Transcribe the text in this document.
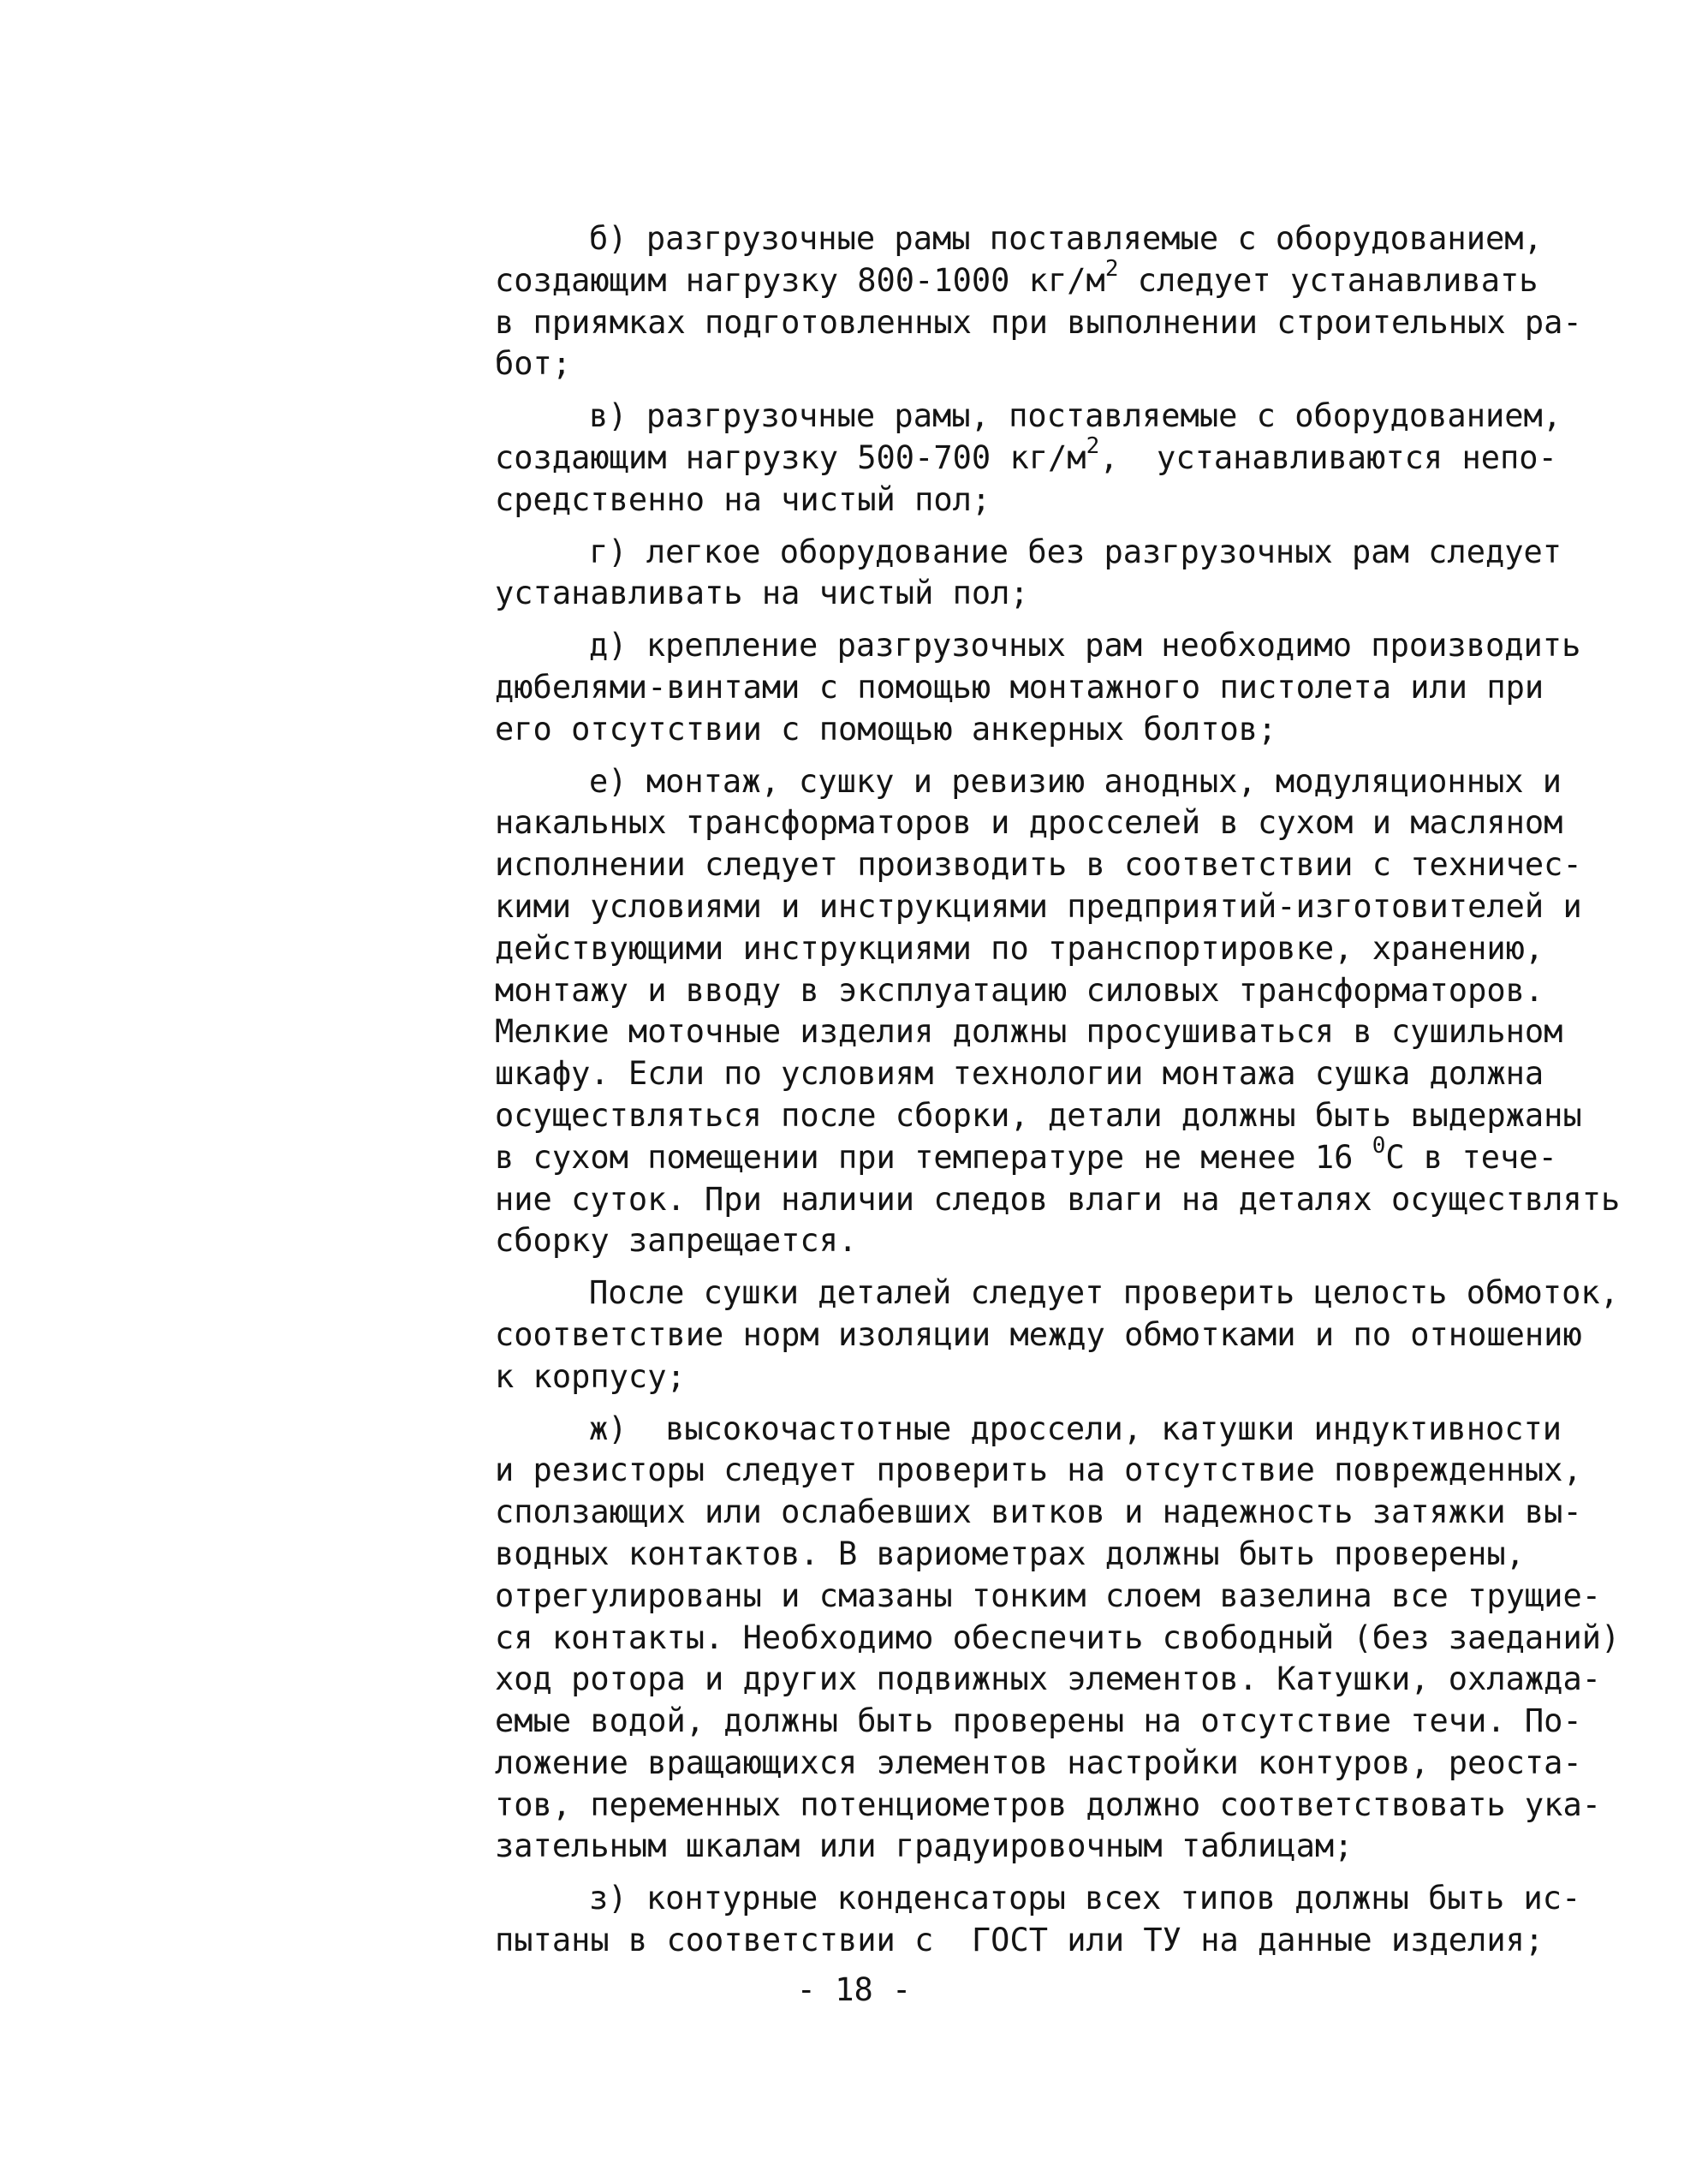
б) разгрузочные рамы поставляемые с оборудованием,
создающим нагрузку 800-1000 $кг/м^2$ следует устанавливать
в приямках подготовленных при выполнении строительных ра-
бот;
в) разгрузочные рамы, поставляемые с оборудованием,
создающим нагрузку 500-700 $кг/м^2$,  устанавливаются непо-
средственно на чистый пол;
г) легкое оборудование без разгрузочных рам следует
устанавливать на чистый пол;
д) крепление разгрузочных рам необходимо производить
дюбелями-винтами с помощью монтажного пистолета или при
его отсутствии с помощью анкерных болтов;
е) монтаж, сушку и ревизию анодных, модуляционных и
накальных трансформаторов и дросселей в сухом и масляном
исполнении следует производить в соответствии с техничес-
кими условиями и инструкциями предприятий-изготовителей и
действующими инструкциями по транспортировке, хранению,
монтажу и вводу в эксплуатацию силовых трансформаторов.
Мелкие моточные изделия должны просушиваться в сушильном
шкафу. Если по условиям технологии монтажа сушка должна
осуществляться после сборки, детали должны быть выдержаны
в сухом помещении при температуре не менее 16 $^0$С в тече-
ние суток. При наличии следов влаги на деталях осуществлять
сборку запрещается.
После сушки деталей следует проверить целость обмоток,
соответствие норм изоляции между обмотками и по отношению
к корпусу;
ж)  высокочастотные дроссели, катушки индуктивности
и резисторы следует проверить на отсутствие поврежденных,
сползающих или ослабевших витков и надежность затяжки вы-
водных контактов. В вариометрах должны быть проверены,
отрегулированы и смазаны тонким слоем вазелина все трущие-
ся контакты. Необходимо обеспечить свободный (без заеданий)
ход ротора и других подвижных элементов. Катушки, охлажда-
емые водой, должны быть проверены на отсутствие течи. По-
ложение вращающихся элементов настройки контуров, реоста-
тов, переменных потенциометров должно соответствовать ука-
зательным шкалам или градуировочным таблицам;
з) контурные конденсаторы всех типов должны быть ис-
пытаны в соответствии с  ГОСТ или ТУ на данные изделия;
- 18 -
